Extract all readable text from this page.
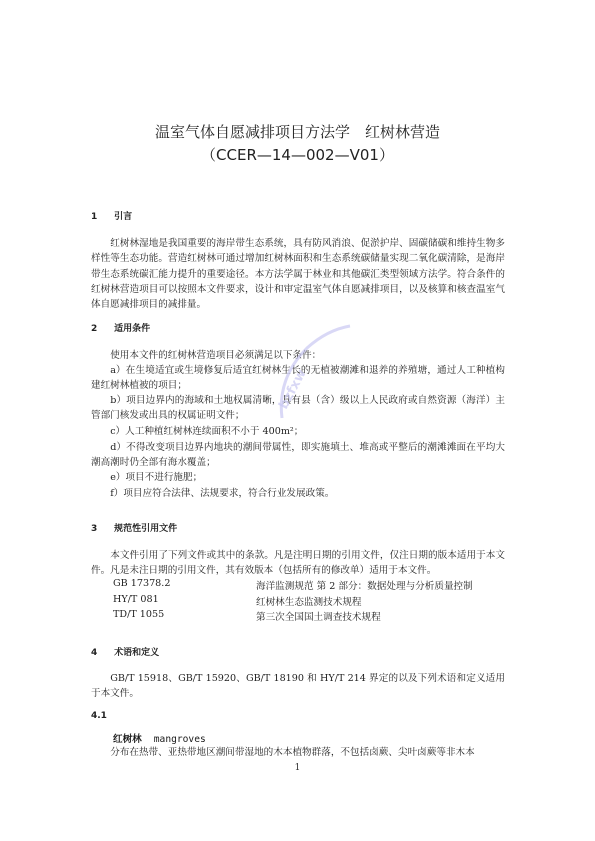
温室气体自愿减排项目方法学　红树林营造
（CCER—14—002—V01）
1 引言
红树林湿地是我国重要的海岸带生态系统，具有防风消浪、促淤护岸、固碳储碳和维持生物多样性等生态功能。营造红树林可通过增加红树林面积和生态系统碳储量实现二氧化碳清除，是海岸带生态系统碳汇能力提升的重要途径。本方法学属于林业和其他碳汇类型领域方法学。符合条件的红树林营造项目可以按照本文件要求，设计和审定温室气体自愿减排项目，以及核算和核查温室气体自愿减排项目的减排量。
2 适用条件
使用本文件的红树林营造项目必须满足以下条件：
a）在生境适宜或生境修复后适宜红树林生长的无植被潮滩和退养的养殖塘，通过人工种植构建红树林植被的项目；
b）项目边界内的海域和土地权属清晰，具有县（含）级以上人民政府或自然资源（海洋）主管部门核发或出具的权属证明文件；
c）人工种植红树林连续面积不小于 400m²；
d）不得改变项目边界内地块的潮间带属性，即实施填土、堆高或平整后的潮滩滩面在平均大潮高潮时仍全部有海水覆盖；
e）项目不进行施肥；
f）项目应符合法律、法规要求，符合行业发展政策。
3 规范性引用文件
本文件引用了下列文件或其中的条款。凡是注明日期的引用文件，仅注日期的版本适用于本文件。凡是未注日期的引用文件，其有效版本（包括所有的修改单）适用于本文件。
GB 17378.2	海洋监测规范 第 2 部分：数据处理与分析质量控制
HY/T 081	红树林生态监测技术规程
TD/T 1055	第三次全国国土调查技术规程
4 术语和定义
GB/T 15918、GB/T 15920、GB/T 18190 和 HY/T 214 界定的以及下列术语和定义适用于本文件。
4.1
红树林 mangroves
分布在热带、亚热带地区潮间带湿地的木本植物群落，不包括卤蕨、尖叶卤蕨等非木本
1
bzfxw
